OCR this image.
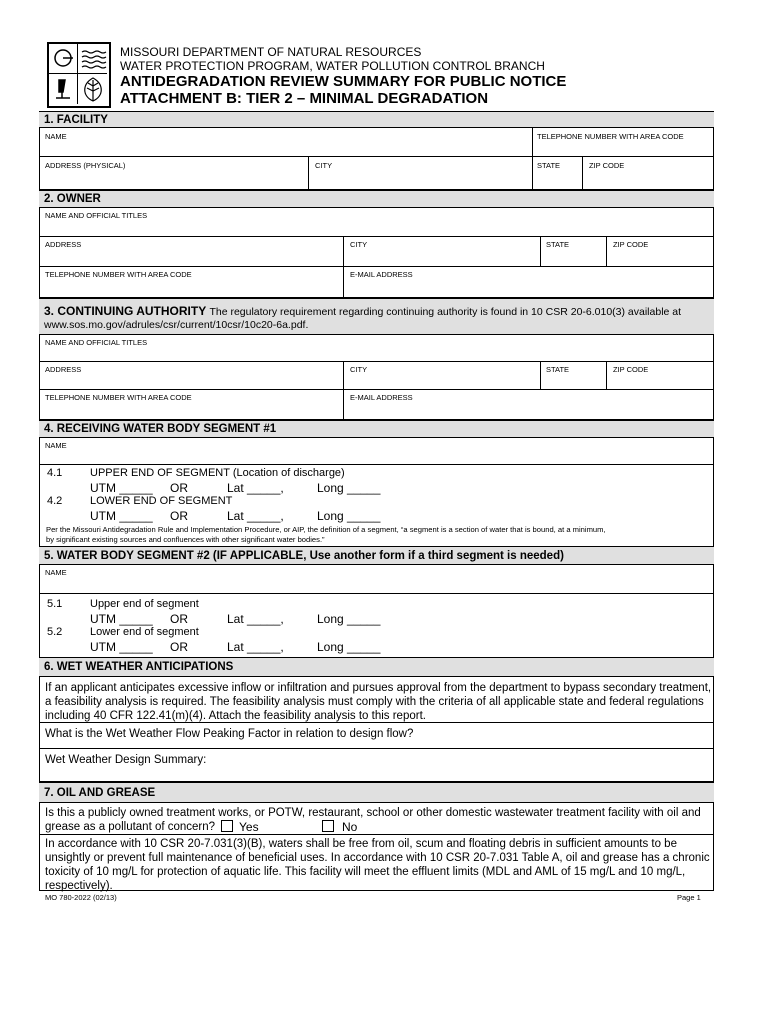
MISSOURI DEPARTMENT OF NATURAL RESOURCES
WATER PROTECTION PROGRAM, WATER POLLUTION CONTROL BRANCH
ANTIDEGRADATION REVIEW SUMMARY FOR PUBLIC NOTICE
ATTACHMENT B: TIER 2 – MINIMAL DEGRADATION
1. FACILITY
NAME	TELEPHONE NUMBER WITH AREA CODE
ADDRESS (PHYSICAL)	CITY	STATE	ZIP CODE
2. OWNER
NAME AND OFFICIAL TITLES
ADDRESS	CITY	STATE	ZIP CODE
TELEPHONE NUMBER WITH AREA CODE	E-MAIL ADDRESS
3. CONTINUING AUTHORITY The regulatory requirement regarding continuing authority is found in 10 CSR 20-6.010(3) available at
www.sos.mo.gov/adrules/csr/current/10csr/10c20-6a.pdf.
NAME AND OFFICIAL TITLES
ADDRESS	CITY	STATE	ZIP CODE
TELEPHONE NUMBER WITH AREA CODE	E-MAIL ADDRESS
4. RECEIVING WATER BODY SEGMENT #1
NAME
4.1	UPPER END OF SEGMENT (Location of discharge)
UTM _____ OR	Lat _____,	Long _____
4.2	LOWER END OF SEGMENT
UTM _____ OR	Lat _____,	Long _____
Per the Missouri Antidegradation Rule and Implementation Procedure, or AIP, the definition of a segment, “a segment is a section of water that is bound, at a minimum,
by significant existing sources and confluences with other significant water bodies.”
5. WATER BODY SEGMENT #2 (IF APPLICABLE, Use another form if a third segment is needed)
NAME
5.1	Upper end of segment
UTM _____ OR	Lat _____,	Long _____
5.2	Lower end of segment
UTM _____ OR	Lat _____,	Long _____
6. WET WEATHER ANTICIPATIONS
If an applicant anticipates excessive inflow or infiltration and pursues approval from the department to bypass secondary treatment,
a feasibility analysis is required. The feasibility analysis must comply with the criteria of all applicable state and federal regulations
including 40 CFR 122.41(m)(4). Attach the feasibility analysis to this report.
What is the Wet Weather Flow Peaking Factor in relation to design flow?
Wet Weather Design Summary:
7. OIL AND GREASE
Is this a publicly owned treatment works, or POTW, restaurant, school or other domestic wastewater treatment facility with oil and
grease as a pollutant of concern?	Yes	No
In accordance with 10 CSR 20-7.031(3)(B), waters shall be free from oil, scum and floating debris in sufficient amounts to be
unsightly or prevent full maintenance of beneficial uses. In accordance with 10 CSR 20-7.031 Table A, oil and grease has a chronic
toxicity of 10 mg/L for protection of aquatic life. This facility will meet the effluent limits (MDL and AML of 15 mg/L and 10 mg/L,
respectively).
MO 780-2022 (02/13)	Page 1
